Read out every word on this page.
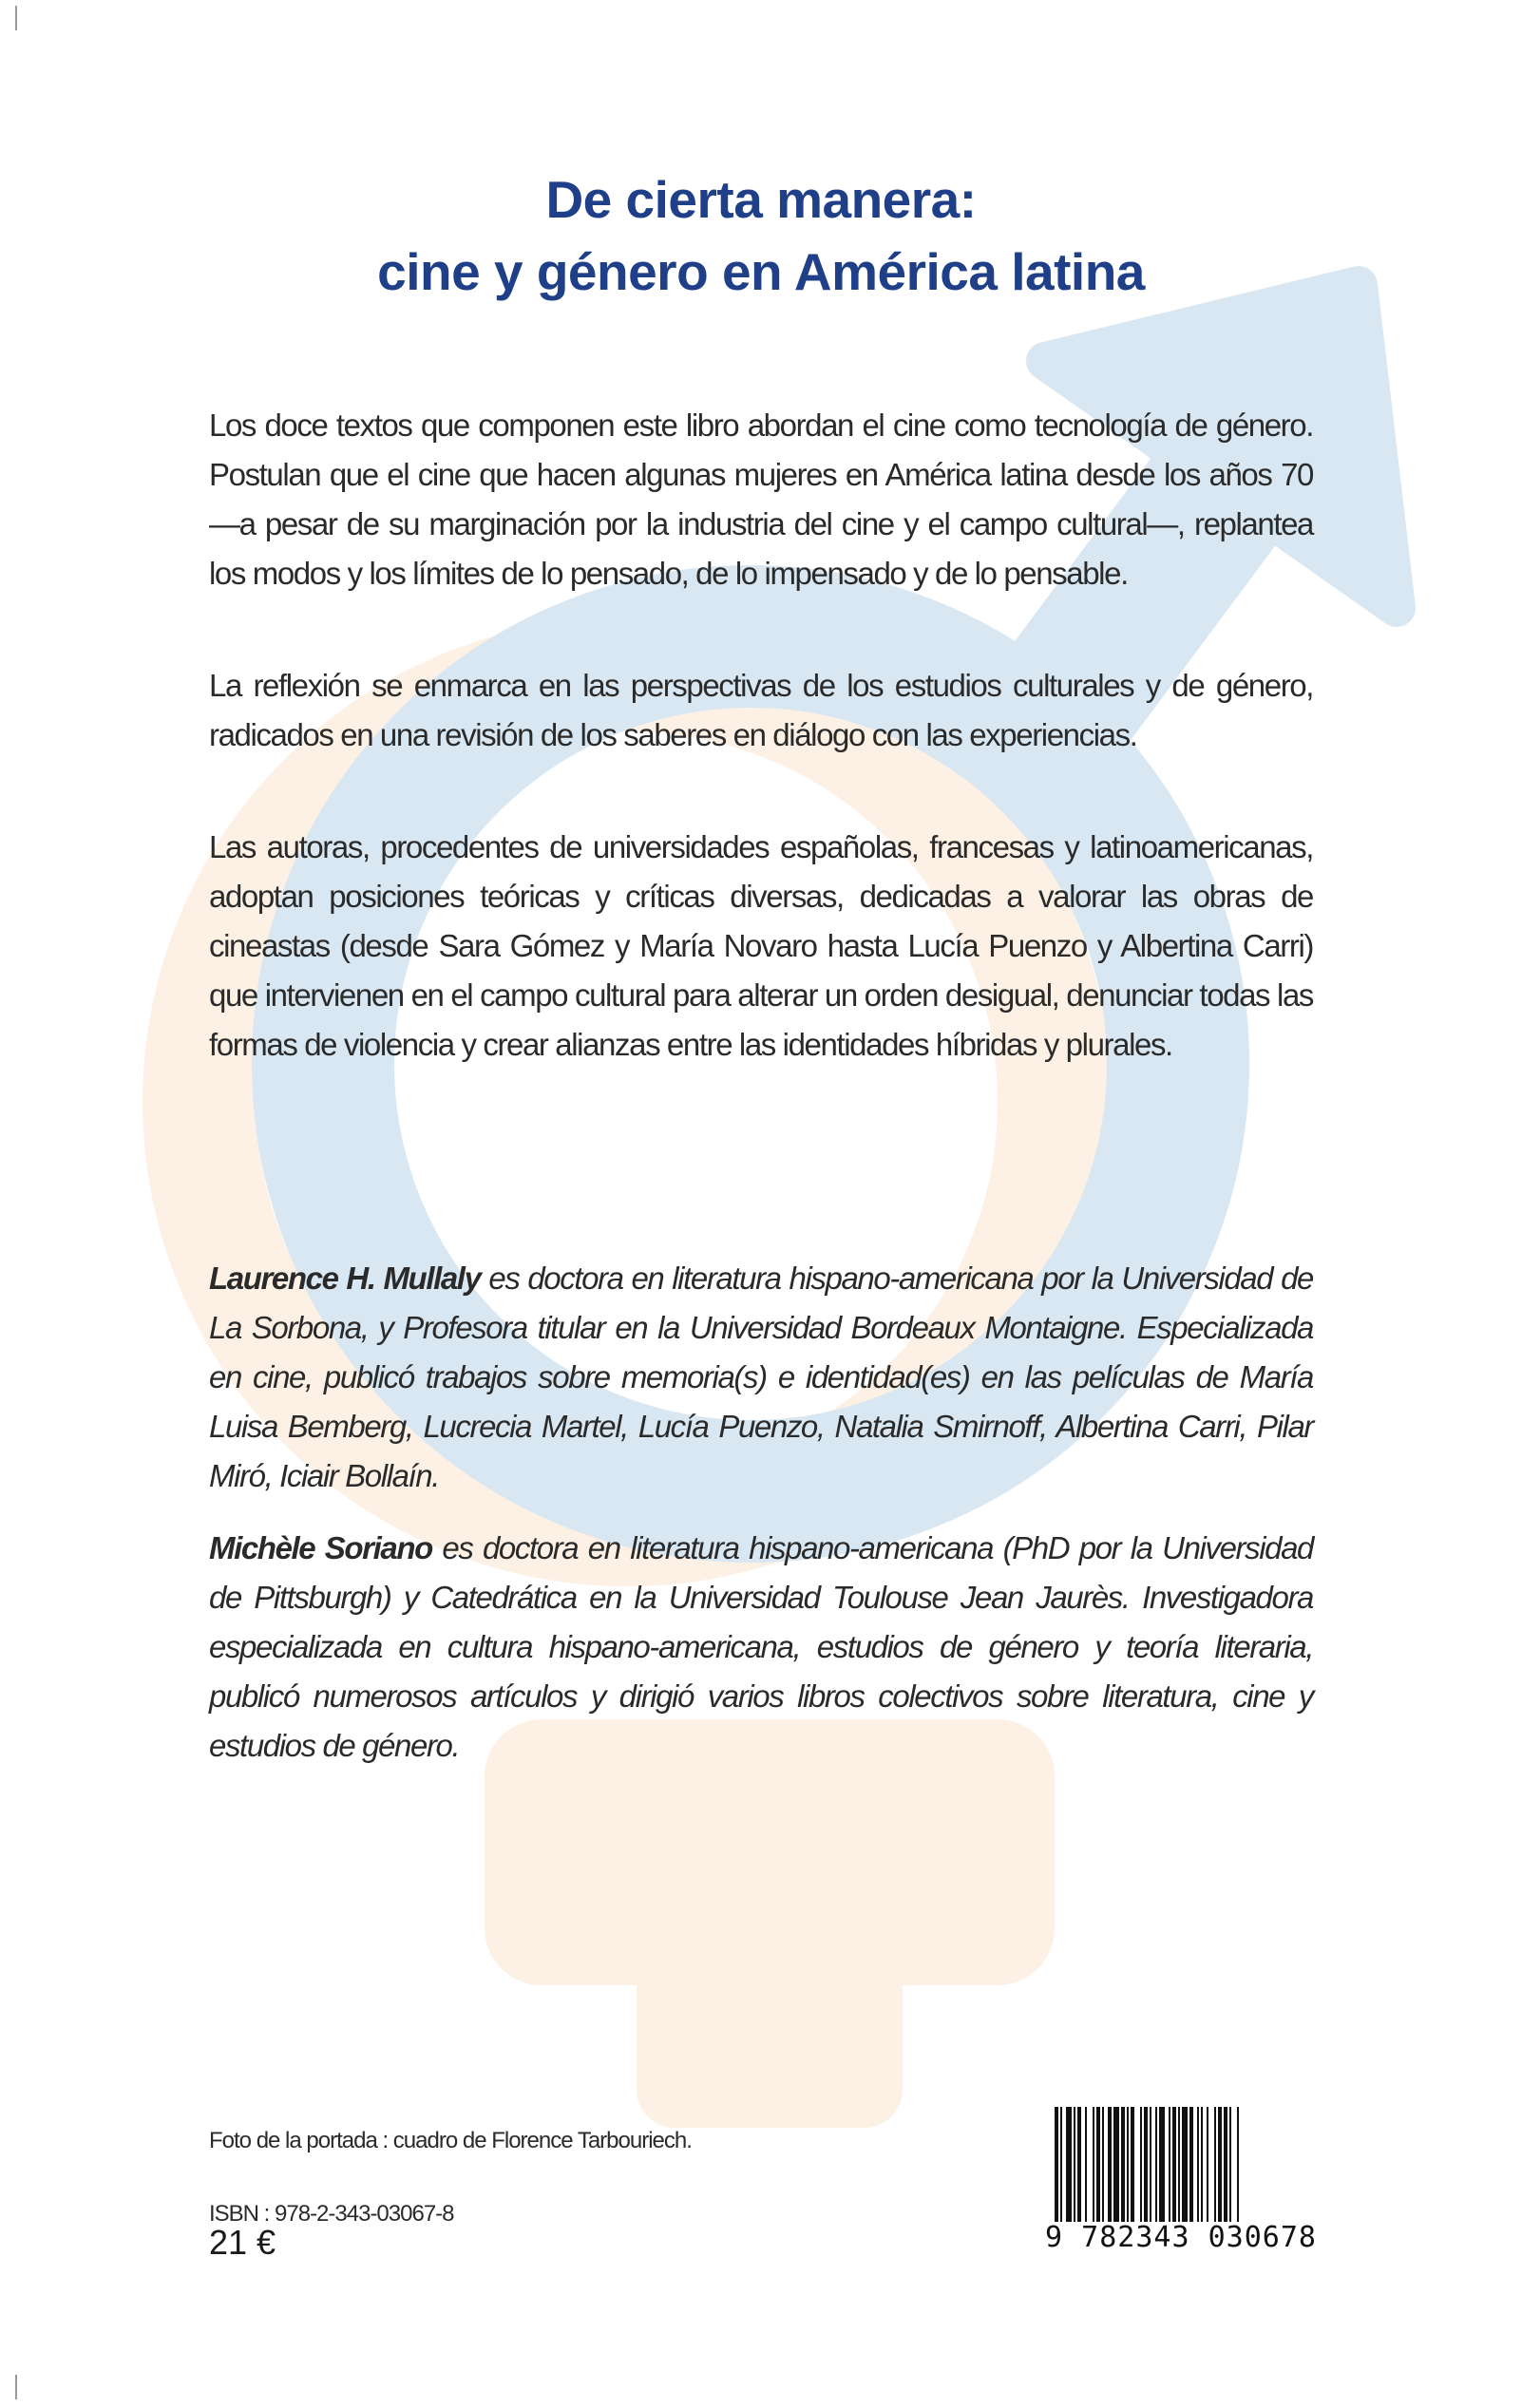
De cierta manera:
cine y género en América latina
Los doce textos que componen este libro abordan el cine como tecnología de género. Postulan que el cine que hacen algunas mujeres en América latina desde los años 70 —a pesar de su marginación por la industria del cine y el campo cultural—, replantea los modos y los límites de lo pensado, de lo impensado y de lo pensable.
La reflexión se enmarca en las perspectivas de los estudios culturales y de género, radicados en una revisión de los saberes en diálogo con las experiencias.
Las autoras, procedentes de universidades españolas, francesas y latinoamericanas, adoptan posiciones teóricas y críticas diversas, dedicadas a valorar las obras de cineastas (desde Sara Gómez y María Novaro hasta Lucía Puenzo y Albertina Carri) que intervienen en el campo cultural para alterar un orden desigual, denunciar todas las formas de violencia y crear alianzas entre las identidades híbridas y plurales.
Laurence H. Mullaly es doctora en literatura hispano-americana por la Universidad de La Sorbona, y Profesora titular en la Universidad Bordeaux Montaigne. Especializada en cine, publicó trabajos sobre memoria(s) e identidad(es) en las películas de María Luisa Bemberg, Lucrecia Martel, Lucía Puenzo, Natalia Smirnoff, Albertina Carri, Pilar Miró, Iciair Bollaín.
Michèle Soriano es doctora en literatura hispano-americana (PhD por la Universidad de Pittsburgh) y Catedrática en la Universidad Toulouse Jean Jaurès. Investigadora especializada en cultura hispano-americana, estudios de género y teoría literaria, publicó numerosos artículos y dirigió varios libros colectivos sobre literatura, cine y estudios de género.
Foto de la portada : cuadro de Florence Tarbouriech.
ISBN : 978-2-343-03067-8
21 €	9 782343 030678
